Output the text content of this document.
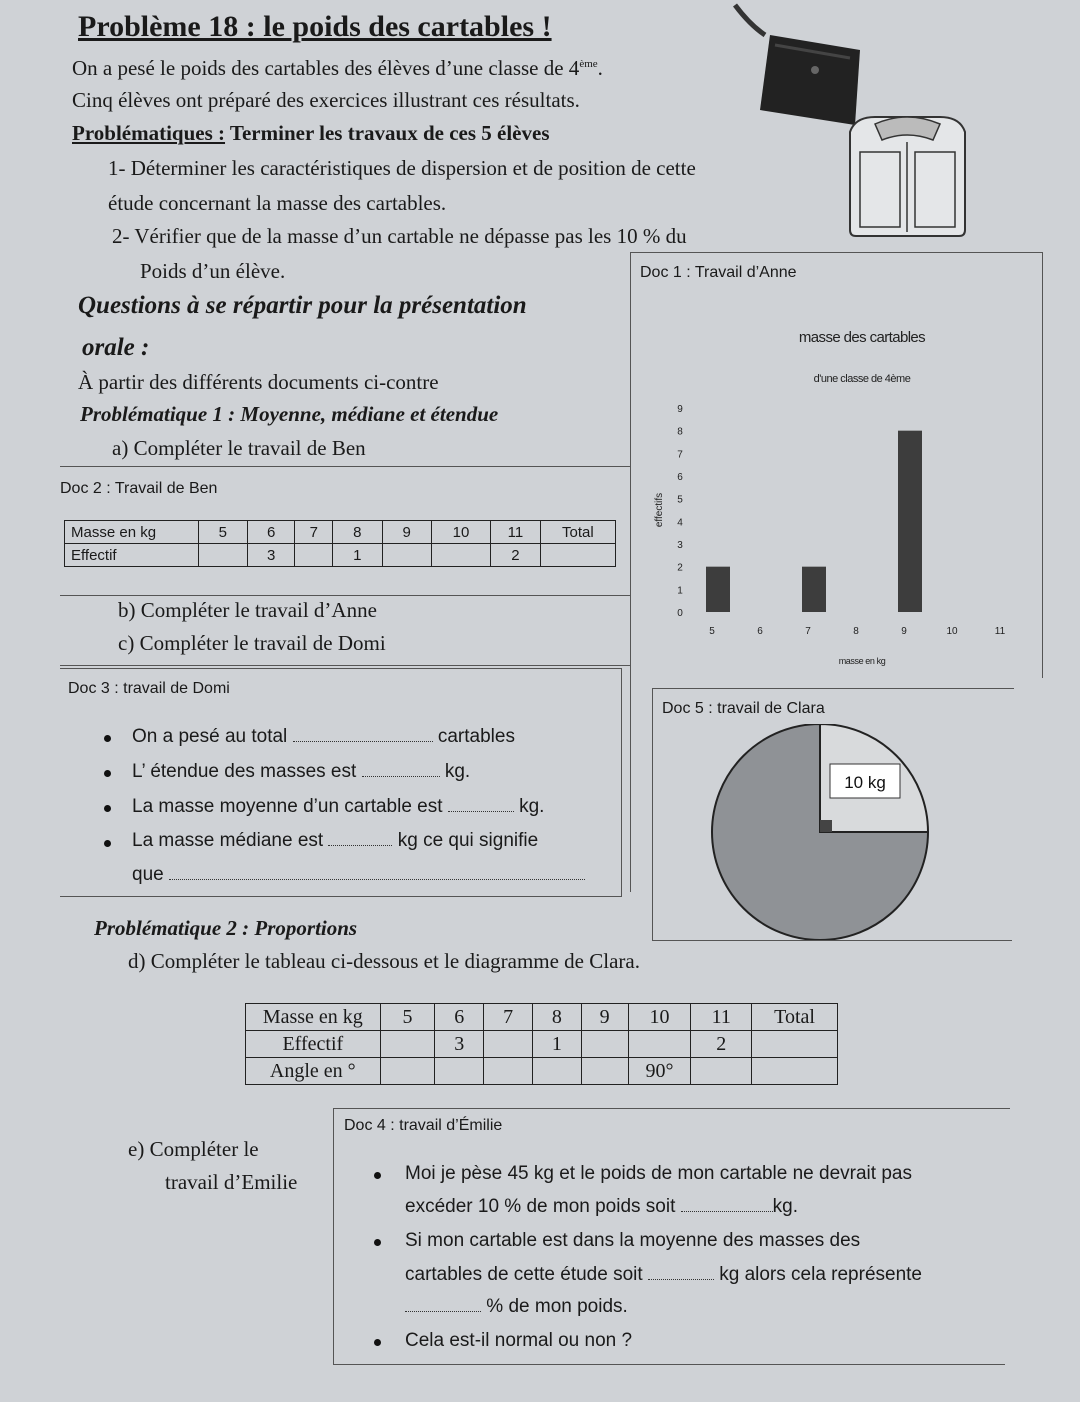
Problème 18 : le poids des cartables !
On a pesé le poids des cartables des élèves d’une classe de 4ème.
Cinq élèves ont préparé des exercices illustrant ces résultats.
Problématiques : Terminer les travaux de ces 5 élèves
1- Déterminer les caractéristiques de dispersion et de position de cette
étude concernant la masse des cartables.
2- Vérifier que de la masse d’un cartable ne dépasse pas les 10 % du
Poids d’un élève.
Questions à se répartir pour la présentation
orale :
À partir des différents documents ci-contre
Problématique 1 : Moyenne, médiane et étendue
a) Compléter le travail de Ben
Doc 2 : Travail de Ben
Masse en kg	5	6	7	8	9	10	11	Total
Effectif		3		1			2	
b) Compléter le travail d’Anne
c) Compléter le travail de Domi
Doc 1 : Travail d’Anne
masse des cartables
d'une classe de 4ème
0
1
2
3
4
5
6
7
8
9
effectifs
5	6	7	8	9	10	11
masse en kg
Doc 3 : travail de Domi
On a pesé au total	cartables
L’ étendue des masses est	kg.
La masse moyenne d’un cartable est	kg.
La masse médiane est	kg ce qui signifie
que
Doc 5 : travail de Clara
10 kg
Problématique 2 : Proportions
d) Compléter le tableau ci-dessous et le diagramme de Clara.
Masse en kg	5	6	7	8	9	10	11	Total
Effectif		3		1			2	
Angle en °						90°		
e) Compléter le
travail d’Emilie
Doc 4 : travail d’Émilie
Moi je pèse 45 kg et le poids de mon cartable ne devrait pas
excéder 10 % de mon poids soit	kg.
Si mon cartable est dans la moyenne des masses des
cartables de cette étude soit	kg alors cela représente
% de mon poids.
Cela est-il normal ou non ?
